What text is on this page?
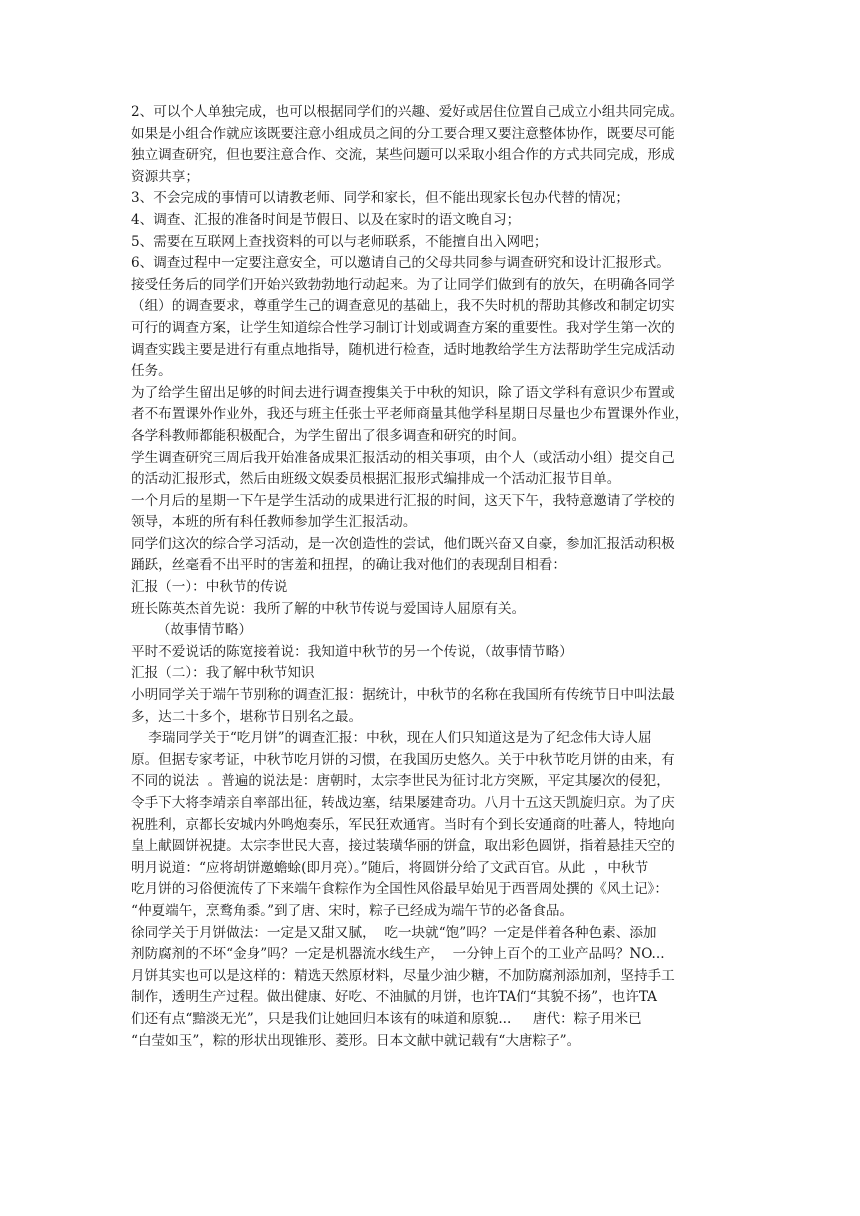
2、可以个人单独完成，也可以根据同学们的兴趣、爱好或居住位置自己成立小组共同完成。
如果是小组合作就应该既要注意小组成员之间的分工要合理又要注意整体协作，既要尽可能
独立调查研究，但也要注意合作、交流，某些问题可以采取小组合作的方式共同完成，形成
资源共享；
3、不会完成的事情可以请教老师、同学和家长，但不能出现家长包办代替的情况；
4、调查、汇报的准备时间是节假日、以及在家时的语文晚自习；
5、需要在互联网上查找资料的可以与老师联系，不能擅自出入网吧；
6、调查过程中一定要注意安全，可以邀请自己的父母共同参与调查研究和设计汇报形式。
接受任务后的同学们开始兴致勃勃地行动起来。为了让同学们做到有的放矢，在明确各同学
（组）的调查要求，尊重学生己的调查意见的基础上，我不失时机的帮助其修改和制定切实
可行的调查方案，让学生知道综合性学习制订计划或调查方案的重要性。我对学生第一次的
调查实践主要是进行有重点地指导，随机进行检查，适时地教给学生方法帮助学生完成活动
任务。
为了给学生留出足够的时间去进行调查搜集关于中秋的知识，除了语文学科有意识少布置或
者不布置课外作业外，我还与班主任张士平老师商量其他学科星期日尽量也少布置课外作业，
各学科教师都能积极配合，为学生留出了很多调查和研究的时间。
学生调查研究三周后我开始准备成果汇报活动的相关事项，由个人（或活动小组）提交自己
的活动汇报形式，然后由班级文娱委员根据汇报形式编排成一个活动汇报节目单。
一个月后的星期一下午是学生活动的成果进行汇报的时间，这天下午，我特意邀请了学校的
领导，本班的所有科任教师参加学生汇报活动。
同学们这次的综合学习活动，是一次创造性的尝试，他们既兴奋又自豪，参加汇报活动积极
踊跃，丝毫看不出平时的害羞和扭捏，的确让我对他们的表现刮目相看：
汇报（一）：中秋节的传说
班长陈英杰首先说：我所了解的中秋节传说与爱国诗人屈原有关。
（故事情节略）
平时不爱说话的陈宽接着说：我知道中秋节的另一个传说，（故事情节略）
汇报（二）：我了解中秋节知识
小明同学关于端午节别称的调查汇报：据统计，中秋节的名称在我国所有传统节日中叫法最
多，达二十多个，堪称节日别名之最。
李瑞同学关于“吃月饼”的调查汇报：中秋，现在人们只知道这是为了纪念伟大诗人屈
原。但据专家考证，中秋节吃月饼的习惯，在我国历史悠久。关于中秋节吃月饼的由来，有
不同的说法  。普遍的说法是：唐朝时，太宗李世民为征讨北方突厥，平定其屡次的侵犯，
令手下大将李靖亲自率部出征，转战边塞，结果屡建奇功。八月十五这天凯旋归京。为了庆
祝胜利，京都长安城内外鸣炮奏乐，军民狂欢通宵。当时有个到长安通商的吐蕃人，特地向
皇上献圆饼祝捷。太宗李世民大喜，接过装璜华丽的饼盒，取出彩色圆饼，指着悬挂天空的
明月说道：“应将胡饼邀蟾蜍(即月亮）。”随后，将圆饼分给了文武百官。从此  ，中秋节
吃月饼的习俗便流传了下来端午食粽作为全国性风俗最早始见于西晋周处撰的《风土记》：
“仲夏端午，烹鹜角黍。”到了唐、宋时，粽子已经成为端午节的必备食品。
徐同学关于月饼做法：一定是又甜又腻，  吃一块就“饱”吗？一定是伴着各种色素、添加
剂防腐剂的不坏“金身”吗？一定是机器流水线生产，  一分钟上百个的工业产品吗？NO...
月饼其实也可以是这样的：精选天然原材料，尽量少油少糖，不加防腐剂添加剂，坚持手工
制作，透明生产过程。做出健康、好吃、不油腻的月饼，也许TA们“其貌不扬”，也许TA
们还有点“黯淡无光”，只是我们让她回归本该有的味道和原貌...     唐代：粽子用米已
“白莹如玉”，粽的形状出现锥形、菱形。日本文献中就记载有“大唐粽子”。
